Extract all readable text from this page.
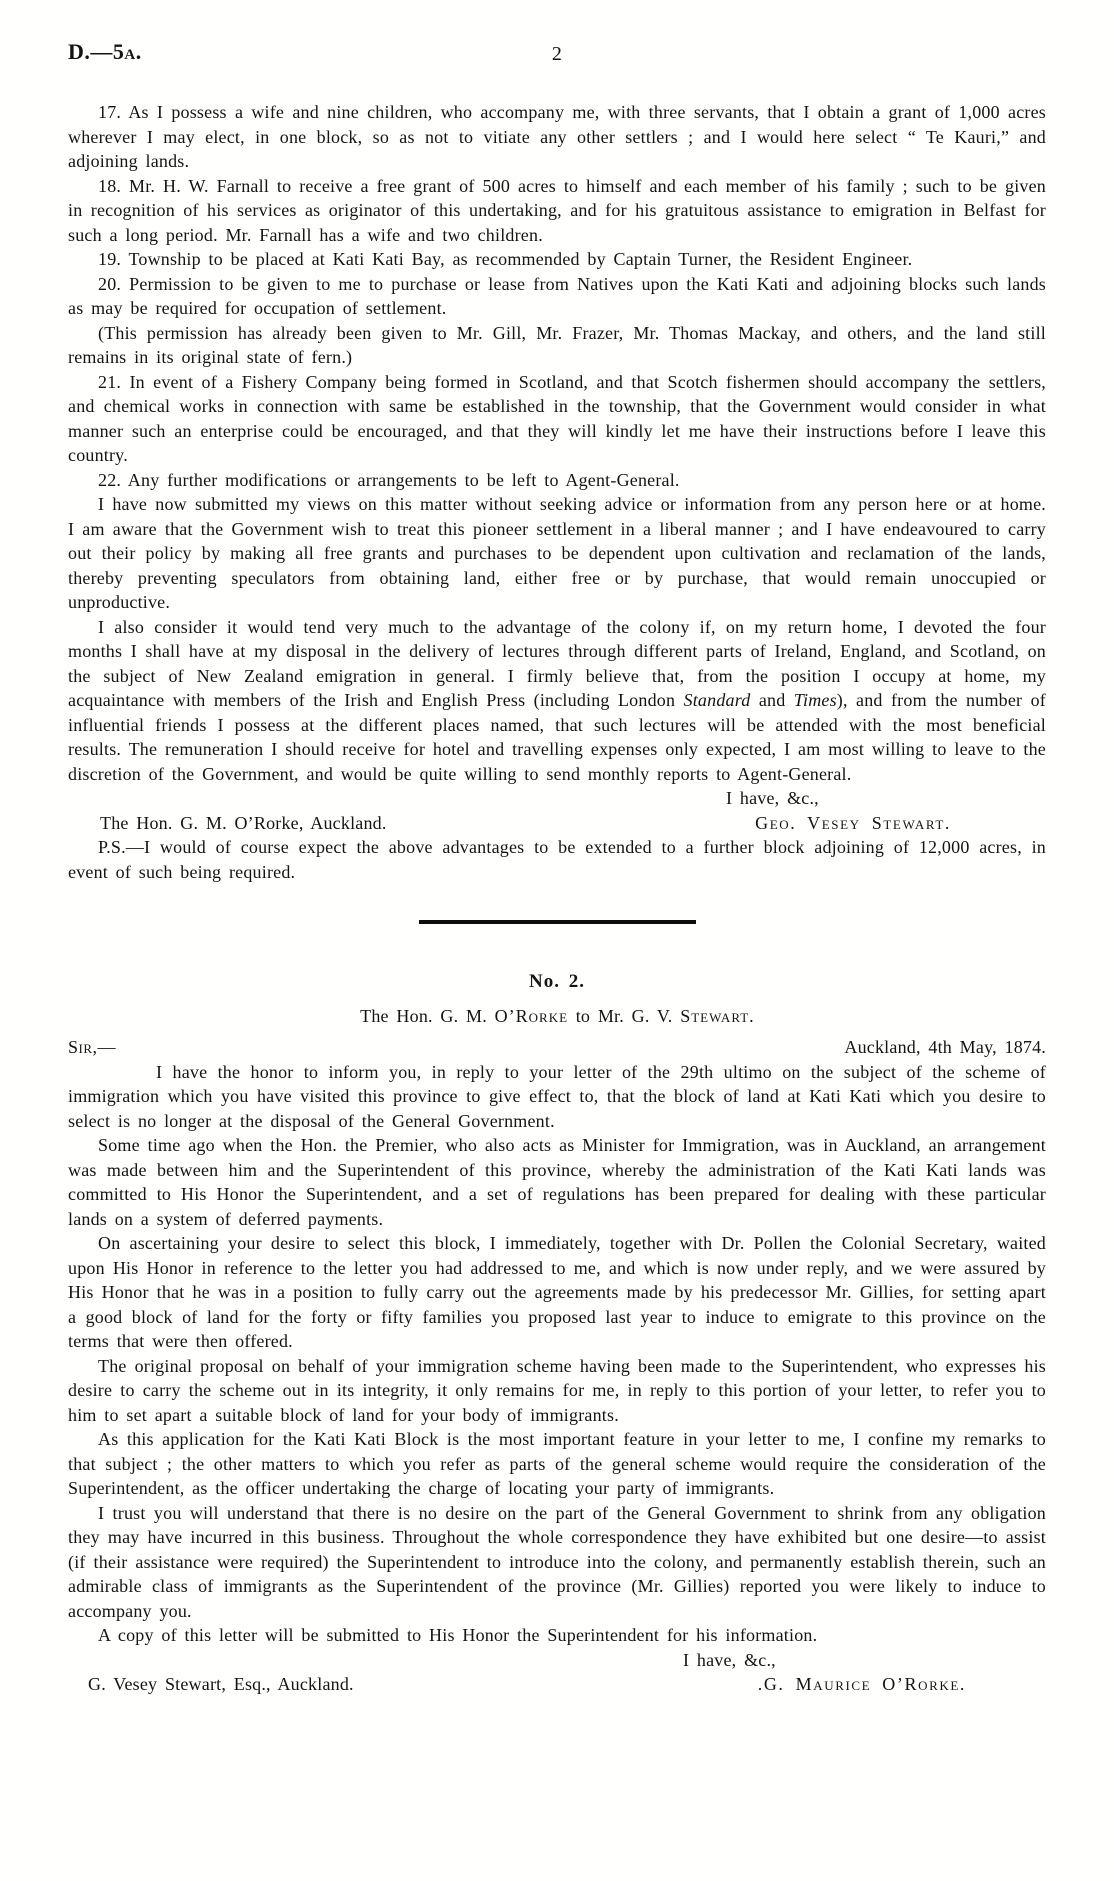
D.—5a.	2

17. As I possess a wife and nine children, who accompany me, with three servants, that I obtain a grant of 1,000 acres wherever I may elect, in one block, so as not to vitiate any other settlers ; and I would here select “ Te Kauri,” and adjoining lands.

18. Mr. H. W. Farnall to receive a free grant of 500 acres to himself and each member of his family ; such to be given in recognition of his services as originator of this undertaking, and for his gratuitous assistance to emigration in Belfast for such a long period. Mr. Farnall has a wife and two children.

19. Township to be placed at Kati Kati Bay, as recommended by Captain Turner, the Resident Engineer.

20. Permission to be given to me to purchase or lease from Natives upon the Kati Kati and adjoining blocks such lands as may be required for occupation of settlement.

(This permission has already been given to Mr. Gill, Mr. Frazer, Mr. Thomas Mackay, and others, and the land still remains in its original state of fern.)

21. In event of a Fishery Company being formed in Scotland, and that Scotch fishermen should accompany the settlers, and chemical works in connection with same be established in the township, that the Government would consider in what manner such an enterprise could be encouraged, and that they will kindly let me have their instructions before I leave this country.

22. Any further modifications or arrangements to be left to Agent-General.

I have now submitted my views on this matter without seeking advice or information from any person here or at home. I am aware that the Government wish to treat this pioneer settlement in a liberal manner ; and I have endeavoured to carry out their policy by making all free grants and purchases to be dependent upon cultivation and reclamation of the lands, thereby preventing speculators from obtaining land, either free or by purchase, that would remain unoccupied or unproductive.

I also consider it would tend very much to the advantage of the colony if, on my return home, I devoted the four months I shall have at my disposal in the delivery of lectures through different parts of Ireland, England, and Scotland, on the subject of New Zealand emigration in general. I firmly believe that, from the position I occupy at home, my acquaintance with members of the Irish and English Press (including London Standard and Times), and from the number of influential friends I possess at the different places named, that such lectures will be attended with the most beneficial results. The remuneration I should receive for hotel and travelling expenses only expected, I am most willing to leave to the discretion of the Government, and would be quite willing to send monthly reports to Agent-General.

I have, &c.,

The Hon. G. M. O’Rorke, Auckland.	Geo. Vesey Stewart.

P.S.—I would of course expect the above advantages to be extended to a further block adjoining of 12,000 acres, in event of such being required.

No. 2.
The Hon. G. M. O’Rorke to Mr. G. V. Stewart.
Sir,—	Auckland, 4th May, 1874.

I have the honor to inform you, in reply to your letter of the 29th ultimo on the subject of the scheme of immigration which you have visited this province to give effect to, that the block of land at Kati Kati which you desire to select is no longer at the disposal of the General Government.

Some time ago when the Hon. the Premier, who also acts as Minister for Immigration, was in Auckland, an arrangement was made between him and the Superintendent of this province, whereby the administration of the Kati Kati lands was committed to His Honor the Superintendent, and a set of regulations has been prepared for dealing with these particular lands on a system of deferred payments.

On ascertaining your desire to select this block, I immediately, together with Dr. Pollen the Colonial Secretary, waited upon His Honor in reference to the letter you had addressed to me, and which is now under reply, and we were assured by His Honor that he was in a position to fully carry out the agreements made by his predecessor Mr. Gillies, for setting apart a good block of land for the forty or fifty families you proposed last year to induce to emigrate to this province on the terms that were then offered.

The original proposal on behalf of your immigration scheme having been made to the Superintendent, who expresses his desire to carry the scheme out in its integrity, it only remains for me, in reply to this portion of your letter, to refer you to him to set apart a suitable block of land for your body of immigrants.

As this application for the Kati Kati Block is the most important feature in your letter to me, I confine my remarks to that subject ; the other matters to which you refer as parts of the general scheme would require the consideration of the Superintendent, as the officer undertaking the charge of locating your party of immigrants.

I trust you will understand that there is no desire on the part of the General Government to shrink from any obligation they may have incurred in this business. Throughout the whole correspondence they have exhibited but one desire—to assist (if their assistance were required) the Superintendent to introduce into the colony, and permanently establish therein, such an admirable class of immigrants as the Superintendent of the province (Mr. Gillies) reported you were likely to induce to accompany you.

A copy of this letter will be submitted to His Honor the Superintendent for his information.

I have, &c.,

G. Vesey Stewart, Esq., Auckland.	.G. Maurice O’Rorke.
